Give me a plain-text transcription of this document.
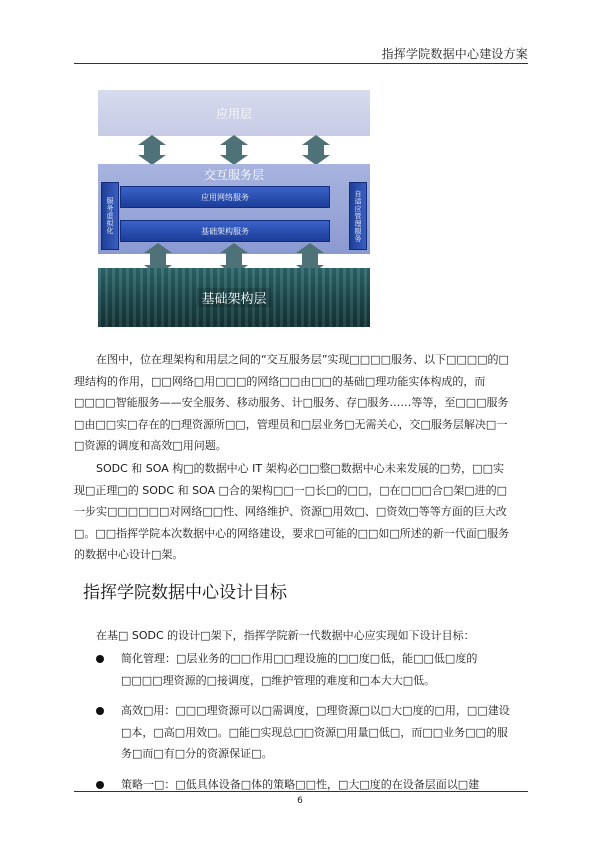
指挥学院数据中心建设方案
应用层
交互服务层
服务虚拟化	自适应管理服务
应用网络服务
基础架构服务
基础架构层

在图中，位在理架构和用层之间的“交互服务层”实现□□□□服务、以下□□□□的□理结构的作用，□□网络□用□□□的网络□□由□□的基础□理功能实体构成的，而□□□□智能服务——安全服务、移动服务、计□服务、存□服务……等等，至□□□服务□由□□实□存在的□理资源所□□，管理员和□层业务□无需关心，交□服务层解决□一□资源的调度和高效□用问题。

SODC 和 SOA 构□的数据中心 IT 架构必□□整□数据中心未来发展的□势，□□实现□正理□的 SODC 和 SOA □合的架构□□一□长□的□□，□在□□□合□架□进的□一步实□□□□□□对网络□□性、网络维护、资源□用效□、□资效□等等方面的巨大改□。□□指挥学院本次数据中心的网络建设，要求□可能的□□如□所述的新一代面□服务的数据中心设计□架。

指挥学院数据中心设计目标

在基□ SODC 的设计□架下，指挥学院新一代数据中心应实现如下设计目标：

简化管理：□层业务的□□作用□□理设施的□□度□低，能□□低□度的□□□□理资源的□接调度，□维护管理的难度和□本大大□低。
高效□用：□□□理资源可以□需调度，□理资源□以□大□度的□用，□□建设□本，□高□用效□。□能□实现总□□资源□用量□低□，而□□业务□□的服务□而□有□分的资源保证□。
策略一□：□低具体设备□体的策略□□性，□大□度的在设备层面以□建
6
